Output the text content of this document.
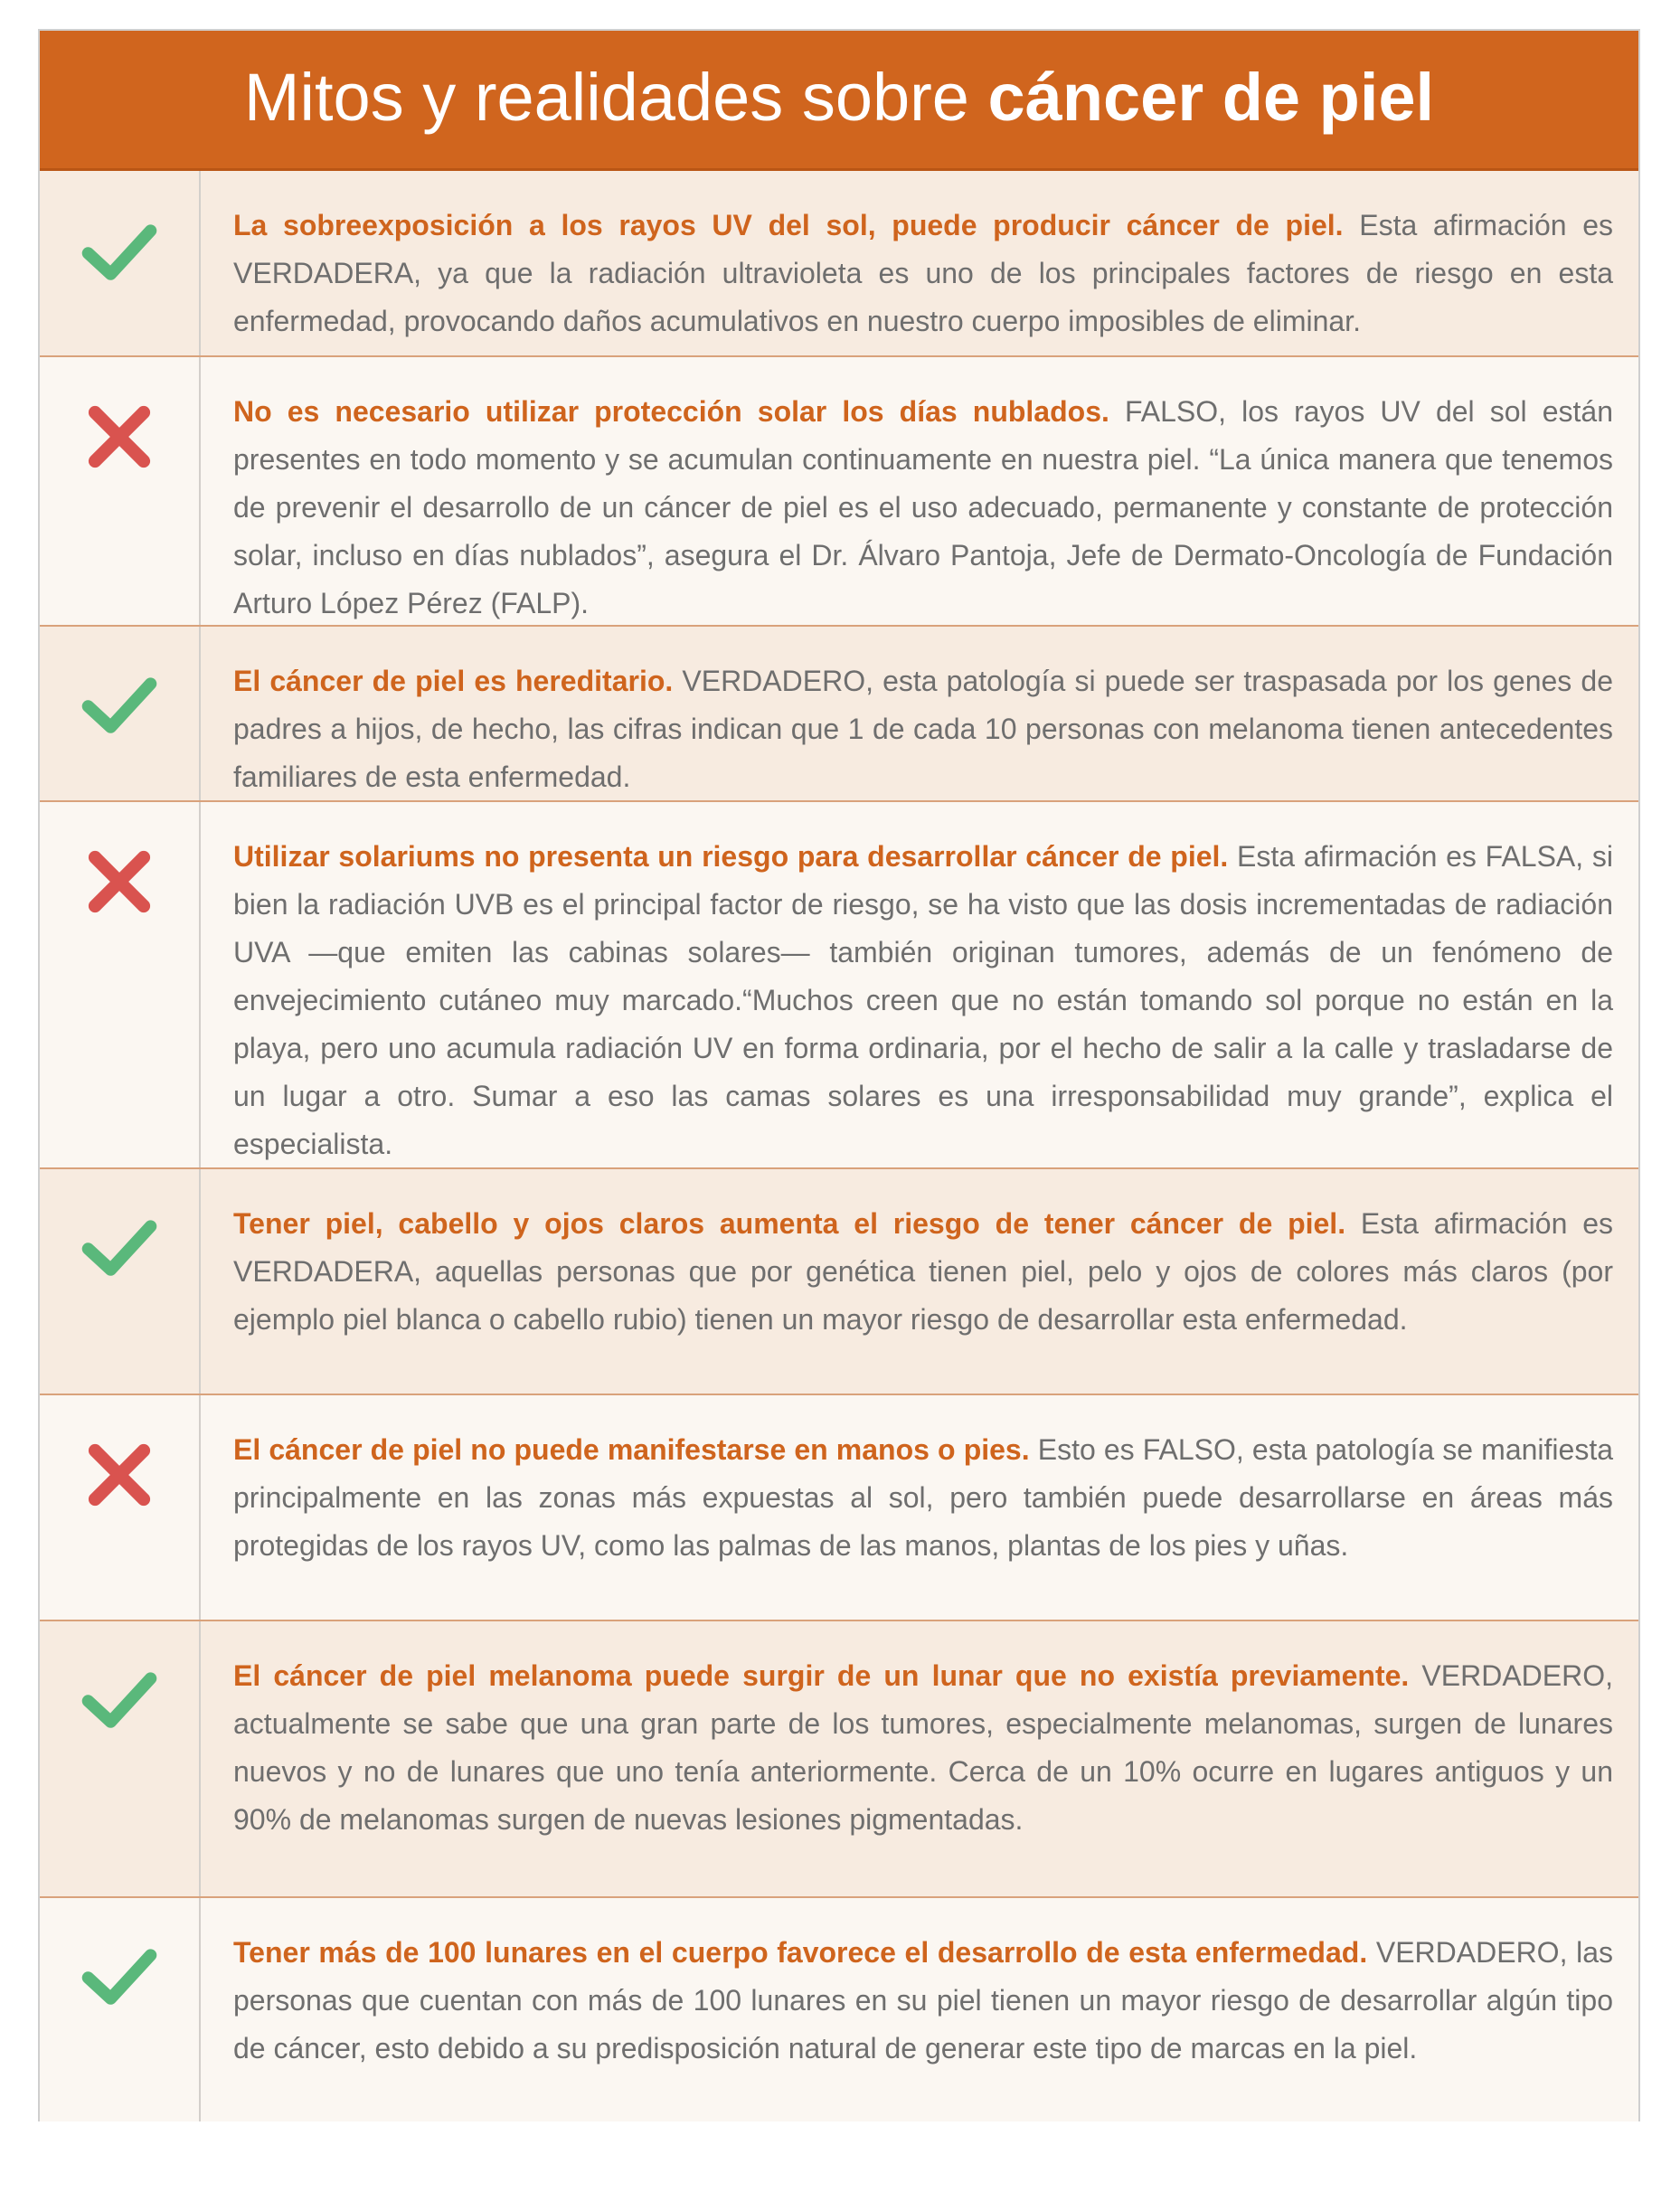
Mitos y realidades sobre cáncer de piel
La sobreexposición a los rayos UV del sol, puede producir cáncer de piel. Esta afirmación es VERDADERA, ya que la radiación ultravioleta es uno de los principales factores de riesgo en esta enfermedad, provocando daños acumulativos en nuestro cuerpo imposibles de eliminar.
No es necesario utilizar protección solar los días nublados. FALSO, los rayos UV del sol están presentes en todo momento y se acumulan continuamente en nuestra piel. “La única manera que tenemos de prevenir el desarrollo de un cáncer de piel es el uso adecuado, permanente y constante de protección solar, incluso en días nublados”, asegura el Dr. Álvaro Pantoja, Jefe de Dermato-Oncología de Fundación Arturo López Pérez (FALP).
El cáncer de piel es hereditario. VERDADERO, esta patología si puede ser traspasada por los genes de padres a hijos, de hecho, las cifras indican que 1 de cada 10 personas con melanoma tienen antecedentes familiares de esta enfermedad.
Utilizar solariums no presenta un riesgo para desarrollar cáncer de piel. Esta afirmación es FALSA, si bien la radiación UVB es el principal factor de riesgo, se ha visto que las dosis incrementadas de radiación UVA —que emiten las cabinas solares— también originan tumores, además de un fenómeno de envejecimiento cutáneo muy marcado.“Muchos creen que no están tomando sol porque no están en la playa, pero uno acumula radiación UV en forma ordinaria, por el hecho de salir a la calle y trasladarse de un lugar a otro. Sumar a eso las camas solares es una irresponsabilidad muy grande”, explica el especialista.
Tener piel, cabello y ojos claros aumenta el riesgo de tener cáncer de piel. Esta afirmación es VERDADERA, aquellas personas que por genética tienen piel, pelo y ojos de colores más claros (por ejemplo piel blanca o cabello rubio) tienen un mayor riesgo de desarrollar esta enfermedad.
El cáncer de piel no puede manifestarse en manos o pies. Esto es FALSO, esta patología se manifiesta principalmente en las zonas más expuestas al sol, pero también puede desarrollarse en áreas más protegidas de los rayos UV, como las palmas de las manos, plantas de los pies y uñas.
El cáncer de piel melanoma puede surgir de un lunar que no existía previamente. VERDADERO, actualmente se sabe que una gran parte de los tumores, especialmente melanomas, surgen de lunares nuevos y no de lunares que uno tenía anteriormente. Cerca de un 10% ocurre en lugares antiguos y un 90% de melanomas surgen de nuevas lesiones pigmentadas.
Tener más de 100 lunares en el cuerpo favorece el desarrollo de esta enfermedad. VERDADERO, las personas que cuentan con más de 100 lunares en su piel tienen un mayor riesgo de desarrollar algún tipo de cáncer, esto debido a su predisposición natural de generar este tipo de marcas en la piel.
